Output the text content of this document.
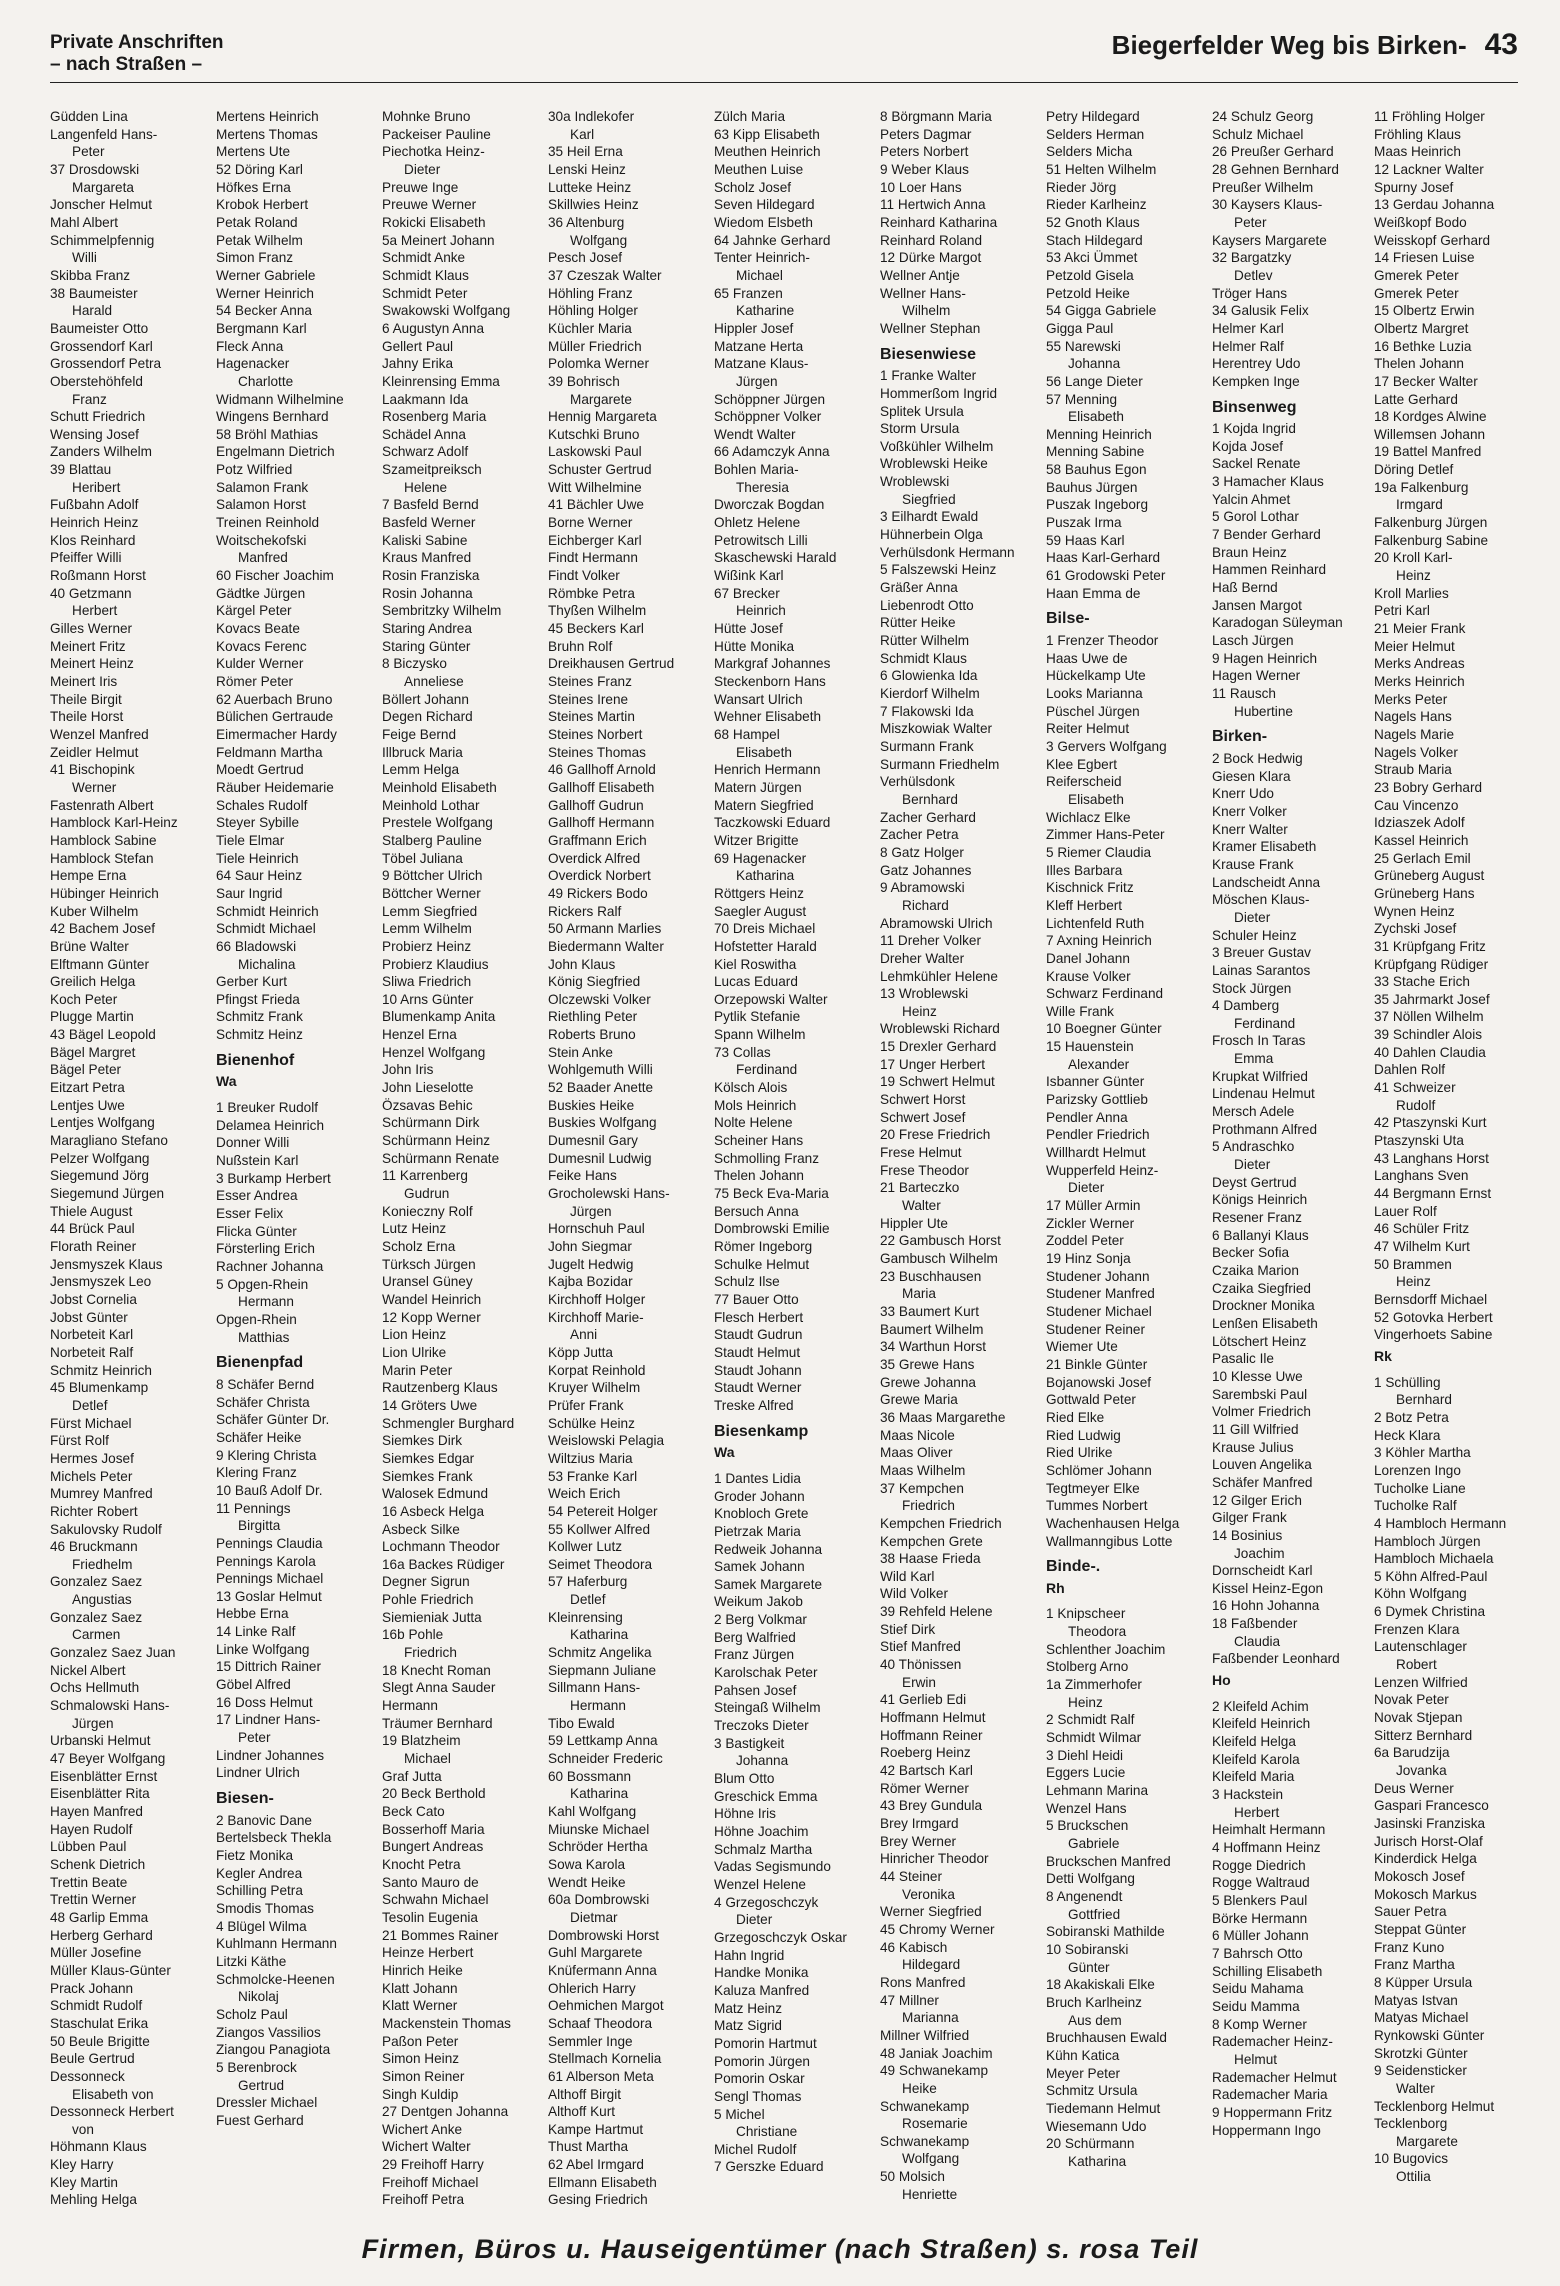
Private Anschriften
– nach Straßen –
Biegerfelder Weg bis Birken- 43
Güdden Lina
Langenfeld Hans-
Peter
37 Drosdowski
Margareta
Jonscher Helmut
Mahl Albert
Schimmelpfennig
Willi
Skibba Franz
38 Baumeister
Harald
Baumeister Otto
Grossendorf Karl
Grossendorf Petra
Oberstehöhfeld
Franz
Schutt Friedrich
Wensing Josef
Zanders Wilhelm
39 Blattau
Heribert
Fußbahn Adolf
Heinrich Heinz
Klos Reinhard
Pfeiffer Willi
Roßmann Horst
40 Getzmann
Herbert
Gilles Werner
Meinert Fritz
Meinert Heinz
Meinert Iris
Theile Birgit
Theile Horst
Wenzel Manfred
Zeidler Helmut
41 Bischopink
Werner
Fastenrath Albert
Hamblock Karl-Heinz
Hamblock Sabine
Hamblock Stefan
Hempe Erna
Hübinger Heinrich
Kuber Wilhelm
42 Bachem Josef
Brüne Walter
Elftmann Günter
Greilich Helga
Koch Peter
Plugge Martin
43 Bägel Leopold
Bägel Margret
Bägel Peter
Eitzart Petra
Lentjes Uwe
Lentjes Wolfgang
Maragliano Stefano
Pelzer Wolfgang
Siegemund Jörg
Siegemund Jürgen
Thiele August
44 Brück Paul
Florath Reiner
Jensmyszek Klaus
Jensmyszek Leo
Jobst Cornelia
Jobst Günter
Norbeteit Karl
Norbeteit Ralf
Schmitz Heinrich
45 Blumenkamp
Detlef
Fürst Michael
Fürst Rolf
Hermes Josef
Michels Peter
Mumrey Manfred
Richter Robert
Sakulovsky Rudolf
46 Bruckmann
Friedhelm
Gonzalez Saez
Angustias
Gonzalez Saez
Carmen
Gonzalez Saez Juan
Nickel Albert
Ochs Hellmuth
Schmalowski Hans-
Jürgen
Urbanski Helmut
47 Beyer Wolfgang
Eisenblätter Ernst
Eisenblätter Rita
Hayen Manfred
Hayen Rudolf
Lübben Paul
Schenk Dietrich
Trettin Beate
Trettin Werner
48 Garlip Emma
Herberg Gerhard
Müller Josefine
Müller Klaus-Günter
Prack Johann
Schmidt Rudolf
Staschulat Erika
50 Beule Brigitte
Beule Gertrud
Dessonneck
Elisabeth von
Dessonneck Herbert
von
Höhmann Klaus
Kley Harry
Kley Martin
Mehling Helga
Mertens Heinrich
Mertens Thomas
Mertens Ute
52 Döring Karl
Höfkes Erna
Krobok Herbert
Petak Roland
Petak Wilhelm
Simon Franz
Werner Gabriele
Werner Heinrich
54 Becker Anna
Bergmann Karl
Fleck Anna
Hagenacker
Charlotte
Widmann Wilhelmine
Wingens Bernhard
58 Bröhl Mathias
Engelmann Dietrich
Potz Wilfried
Salamon Frank
Salamon Horst
Treinen Reinhold
Woitschekofski
Manfred
60 Fischer Joachim
Gädtke Jürgen
Kärgel Peter
Kovacs Beate
Kovacs Ferenc
Kulder Werner
Römer Peter
62 Auerbach Bruno
Bülichen Gertraude
Eimermacher Hardy
Feldmann Martha
Moedt Gertrud
Räuber Heidemarie
Schales Rudolf
Steyer Sybille
Tiele Elmar
Tiele Heinrich
64 Saur Heinz
Saur Ingrid
Schmidt Heinrich
Schmidt Michael
66 Bladowski
Michalina
Gerber Kurt
Pfingst Frieda
Schmitz Frank
Schmitz Heinz
Bienenhof
Wa
1 Breuker Rudolf
Delamea Heinrich
Donner Willi
Nußstein Karl
3 Burkamp Herbert
Esser Andrea
Esser Felix
Flicka Günter
Försterling Erich
Rachner Johanna
5 Opgen-Rhein
Hermann
Opgen-Rhein
Matthias
Bienenpfad
8 Schäfer Bernd
Schäfer Christa
Schäfer Günter Dr.
Schäfer Heike
9 Klering Christa
Klering Franz
10 Bauß Adolf Dr.
11 Pennings
Birgitta
Pennings Claudia
Pennings Karola
Pennings Michael
13 Goslar Helmut
Hebbe Erna
14 Linke Ralf
Linke Wolfgang
15 Dittrich Rainer
Göbel Alfred
16 Doss Helmut
17 Lindner Hans-
Peter
Lindner Johannes
Lindner Ulrich
Biesen-
2 Banovic Dane
Bertelsbeck Thekla
Fietz Monika
Kegler Andrea
Schilling Petra
Smodis Thomas
4 Blügel Wilma
Kuhlmann Hermann
Litzki Käthe
Schmolcke-Heenen
Nikolaj
Scholz Paul
Ziangos Vassilios
Ziangou Panagiota
5 Berenbrock
Gertrud
Dressler Michael
Fuest Gerhard
Mohnke Bruno
Packeiser Pauline
Piechotka Heinz-
Dieter
Preuwe Inge
Preuwe Werner
Rokicki Elisabeth
5a Meinert Johann
Schmidt Anke
Schmidt Klaus
Schmidt Peter
Swakowski Wolfgang
6 Augustyn Anna
Gellert Paul
Jahny Erika
Kleinrensing Emma
Laakmann Ida
Rosenberg Maria
Schädel Anna
Schwarz Adolf
Szameitpreiksch
Helene
7 Basfeld Bernd
Basfeld Werner
Kaliski Sabine
Kraus Manfred
Rosin Franziska
Rosin Johanna
Sembritzky Wilhelm
Staring Andrea
Staring Günter
8 Biczysko
Anneliese
Böllert Johann
Degen Richard
Feige Bernd
Illbruck Maria
Lemm Helga
Meinhold Elisabeth
Meinhold Lothar
Prestele Wolfgang
Stalberg Pauline
Töbel Juliana
9 Böttcher Ulrich
Böttcher Werner
Lemm Siegfried
Lemm Wilhelm
Probierz Heinz
Probierz Klaudius
Sliwa Friedrich
10 Arns Günter
Blumenkamp Anita
Henzel Erna
Henzel Wolfgang
John Iris
John Lieselotte
Özsavas Behic
Schürmann Dirk
Schürmann Heinz
Schürmann Renate
11 Karrenberg
Gudrun
Konieczny Rolf
Lutz Heinz
Scholz Erna
Türksch Jürgen
Uransel Güney
Wandel Heinrich
12 Kopp Werner
Lion Heinz
Lion Ulrike
Marin Peter
Rautzenberg Klaus
14 Gröters Uwe
Schmengler Burghard
Siemkes Dirk
Siemkes Edgar
Siemkes Frank
Walosek Edmund
16 Asbeck Helga
Asbeck Silke
Lochmann Theodor
16a Backes Rüdiger
Degner Sigrun
Pohle Friedrich
Siemieniak Jutta
16b Pohle
Friedrich
18 Knecht Roman
Slegt Anna Sauder
Hermann
Träumer Bernhard
19 Blatzheim
Michael
Graf Jutta
20 Beck Berthold
Beck Cato
Bosserhoff Maria
Bungert Andreas
Knocht Petra
Santo Mauro de
Schwahn Michael
Tesolin Eugenia
21 Bommes Rainer
Heinze Herbert
Hinrich Heike
Klatt Johann
Klatt Werner
Mackenstein Thomas
Paßon Peter
Simon Heinz
Simon Reiner
Singh Kuldip
27 Dentgen Johanna
Wichert Anke
Wichert Walter
29 Freihoff Harry
Freihoff Michael
Freihoff Petra
30a Indlekofer
Karl
35 Heil Erna
Lenski Heinz
Lutteke Heinz
Skillwies Heinz
36 Altenburg
Wolfgang
Pesch Josef
37 Czeszak Walter
Höhling Franz
Höhling Holger
Küchler Maria
Müller Friedrich
Polomka Werner
39 Bohrisch
Margarete
Hennig Margareta
Kutschki Bruno
Laskowski Paul
Schuster Gertrud
Witt Wilhelmine
41 Bächler Uwe
Borne Werner
Eichberger Karl
Findt Hermann
Findt Volker
Römbke Petra
Thyßen Wilhelm
45 Beckers Karl
Bruhn Rolf
Dreikhausen Gertrud
Steines Franz
Steines Irene
Steines Martin
Steines Norbert
Steines Thomas
46 Gallhoff Arnold
Gallhoff Elisabeth
Gallhoff Gudrun
Gallhoff Hermann
Graffmann Erich
Overdick Alfred
Overdick Norbert
49 Rickers Bodo
Rickers Ralf
50 Armann Marlies
Biedermann Walter
John Klaus
König Siegfried
Olczewski Volker
Riethling Peter
Roberts Bruno
Stein Anke
Wohlgemuth Willi
52 Baader Anette
Buskies Heike
Buskies Wolfgang
Dumesnil Gary
Dumesnil Ludwig
Feike Hans
Grocholewski Hans-
Jürgen
Hornschuh Paul
John Siegmar
Jugelt Hedwig
Kajba Bozidar
Kirchhoff Holger
Kirchhoff Marie-
Anni
Köpp Jutta
Korpat Reinhold
Kruyer Wilhelm
Prüfer Frank
Schülke Heinz
Weislowski Pelagia
Wiltzius Maria
53 Franke Karl
Weich Erich
54 Petereit Holger
55 Kollwer Alfred
Kollwer Lutz
Seimet Theodora
57 Haferburg
Detlef
Kleinrensing
Katharina
Schmitz Angelika
Siepmann Juliane
Sillmann Hans-
Hermann
Tibo Ewald
59 Lettkamp Anna
Schneider Frederic
60 Bossmann
Katharina
Kahl Wolfgang
Miunske Michael
Schröder Hertha
Sowa Karola
Wendt Heike
60a Dombrowski
Dietmar
Dombrowski Horst
Guhl Margarete
Knüfermann Anna
Ohlerich Harry
Oehmichen Margot
Schaaf Theodora
Semmler Inge
Stellmach Kornelia
61 Alberson Meta
Althoff Birgit
Althoff Kurt
Kampe Hartmut
Thust Martha
62 Abel Irmgard
Ellmann Elisabeth
Gesing Friedrich
Zülch Maria
63 Kipp Elisabeth
Meuthen Heinrich
Meuthen Luise
Scholz Josef
Seven Hildegard
Wiedom Elsbeth
64 Jahnke Gerhard
Tenter Heinrich-
Michael
65 Franzen
Katharine
Hippler Josef
Matzane Herta
Matzane Klaus-
Jürgen
Schöppner Jürgen
Schöppner Volker
Wendt Walter
66 Adamczyk Anna
Bohlen Maria-
Theresia
Dworczak Bogdan
Ohletz Helene
Petrowitsch Lilli
Skaschewski Harald
Wißink Karl
67 Brecker
Heinrich
Hütte Josef
Hütte Monika
Markgraf Johannes
Steckenborn Hans
Wansart Ulrich
Wehner Elisabeth
68 Hampel
Elisabeth
Henrich Hermann
Matern Jürgen
Matern Siegfried
Taczkowski Eduard
Witzer Brigitte
69 Hagenacker
Katharina
Röttgers Heinz
Saegler August
70 Dreis Michael
Hofstetter Harald
Kiel Roswitha
Lucas Eduard
Orzepowski Walter
Pytlik Stefanie
Spann Wilhelm
73 Collas
Ferdinand
Kölsch Alois
Mols Heinrich
Nolte Helene
Scheiner Hans
Schmolling Franz
Thelen Johann
75 Beck Eva-Maria
Bersuch Anna
Dombrowski Emilie
Römer Ingeborg
Schulke Helmut
Schulz Ilse
77 Bauer Otto
Flesch Herbert
Staudt Gudrun
Staudt Helmut
Staudt Johann
Staudt Werner
Treske Alfred
Biesenkamp
Wa
1 Dantes Lidia
Groder Johann
Knobloch Grete
Pietrzak Maria
Redweik Johanna
Samek Johann
Samek Margarete
Weikum Jakob
2 Berg Volkmar
Berg Walfried
Franz Jürgen
Karolschak Peter
Pahsen Josef
Steingaß Wilhelm
Treczoks Dieter
3 Bastigkeit
Johanna
Blum Otto
Greschick Emma
Höhne Iris
Höhne Joachim
Schmalz Martha
Vadas Segismundo
Wenzel Helene
4 Grzegoschczyk
Dieter
Grzegoschczyk Oskar
Hahn Ingrid
Handke Monika
Kaluza Manfred
Matz Heinz
Matz Sigrid
Pomorin Hartmut
Pomorin Jürgen
Pomorin Oskar
Sengl Thomas
5 Michel
Christiane
Michel Rudolf
7 Gerszke Eduard
8 Börgmann Maria
Peters Dagmar
Peters Norbert
9 Weber Klaus
10 Loer Hans
11 Hertwich Anna
Reinhard Katharina
Reinhard Roland
12 Dürke Margot
Wellner Antje
Wellner Hans-
Wilhelm
Wellner Stephan
Biesenwiese
1 Franke Walter
Hommerßom Ingrid
Splitek Ursula
Storm Ursula
Voßkühler Wilhelm
Wroblewski Heike
Wroblewski
Siegfried
3 Eilhardt Ewald
Hühnerbein Olga
Verhülsdonk Hermann
5 Falszewski Heinz
Gräßer Anna
Liebenrodt Otto
Rütter Heike
Rütter Wilhelm
Schmidt Klaus
6 Glowienka Ida
Kierdorf Wilhelm
7 Flakowski Ida
Miszkowiak Walter
Surmann Frank
Surmann Friedhelm
Verhülsdonk
Bernhard
Zacher Gerhard
Zacher Petra
8 Gatz Holger
Gatz Johannes
9 Abramowski
Richard
Abramowski Ulrich
11 Dreher Volker
Dreher Walter
Lehmkühler Helene
13 Wroblewski
Heinz
Wroblewski Richard
15 Drexler Gerhard
17 Unger Herbert
19 Schwert Helmut
Schwert Horst
Schwert Josef
20 Frese Friedrich
Frese Helmut
Frese Theodor
21 Barteczko
Walter
Hippler Ute
22 Gambusch Horst
Gambusch Wilhelm
23 Buschhausen
Maria
33 Baumert Kurt
Baumert Wilhelm
34 Warthun Horst
35 Grewe Hans
Grewe Johanna
Grewe Maria
36 Maas Margarethe
Maas Nicole
Maas Oliver
Maas Wilhelm
37 Kempchen
Friedrich
Kempchen Friedrich
Kempchen Grete
38 Haase Frieda
Wild Karl
Wild Volker
39 Rehfeld Helene
Stief Dirk
Stief Manfred
40 Thönissen
Erwin
41 Gerlieb Edi
Hoffmann Helmut
Hoffmann Reiner
Roeberg Heinz
42 Bartsch Karl
Römer Werner
43 Brey Gundula
Brey Irmgard
Brey Werner
Hinricher Theodor
44 Steiner
Veronika
Werner Siegfried
45 Chromy Werner
46 Kabisch
Hildegard
Rons Manfred
47 Millner
Marianna
Millner Wilfried
48 Janiak Joachim
49 Schwanekamp
Heike
Schwanekamp
Rosemarie
Schwanekamp
Wolfgang
50 Molsich
Henriette
Petry Hildegard
Selders Herman
Selders Micha
51 Helten Wilhelm
Rieder Jörg
Rieder Karlheinz
52 Gnoth Klaus
Stach Hildegard
53 Akci Ümmet
Petzold Gisela
Petzold Heike
54 Gigga Gabriele
Gigga Paul
55 Narewski
Johanna
56 Lange Dieter
57 Menning
Elisabeth
Menning Heinrich
Menning Sabine
58 Bauhus Egon
Bauhus Jürgen
Puszak Ingeborg
Puszak Irma
59 Haas Karl
Haas Karl-Gerhard
61 Grodowski Peter
Haan Emma de
Bilse-
1 Frenzer Theodor
Haas Uwe de
Hückelkamp Ute
Looks Marianna
Püschel Jürgen
Reiter Helmut
3 Gervers Wolfgang
Klee Egbert
Reiferscheid
Elisabeth
Wichlacz Elke
Zimmer Hans-Peter
5 Riemer Claudia
Illes Barbara
Kischnick Fritz
Kleff Herbert
Lichtenfeld Ruth
7 Axning Heinrich
Danel Johann
Krause Volker
Schwarz Ferdinand
Wille Frank
10 Boegner Günter
15 Hauenstein
Alexander
Isbanner Günter
Parizsky Gottlieb
Pendler Anna
Pendler Friedrich
Willhardt Helmut
Wupperfeld Heinz-
Dieter
17 Müller Armin
Zickler Werner
Zoddel Peter
19 Hinz Sonja
Studener Johann
Studener Manfred
Studener Michael
Studener Reiner
Wiemer Ute
21 Binkle Günter
Bojanowski Josef
Gottwald Peter
Ried Elke
Ried Ludwig
Ried Ulrike
Schlömer Johann
Tegtmeyer Elke
Tummes Norbert
Wachenhausen Helga
Wallmanngibus Lotte
Binde-.
Rh
1 Knipscheer
Theodora
Schlenther Joachim
Stolberg Arno
1a Zimmerhofer
Heinz
2 Schmidt Ralf
Schmidt Wilmar
3 Diehl Heidi
Eggers Lucie
Lehmann Marina
Wenzel Hans
5 Bruckschen
Gabriele
Bruckschen Manfred
Detti Wolfgang
8 Angenendt
Gottfried
Sobiranski Mathilde
10 Sobiranski
Günter
18 Akakiskali Elke
Bruch Karlheinz
Aus dem
Bruchhausen Ewald
Kühn Katica
Meyer Peter
Schmitz Ursula
Tiedemann Helmut
Wiesemann Udo
20 Schürmann
Katharina
24 Schulz Georg
Schulz Michael
26 Preußer Gerhard
28 Gehnen Bernhard
Preußer Wilhelm
30 Kaysers Klaus-
Peter
Kaysers Margarete
32 Bargatzky
Detlev
Tröger Hans
34 Galusik Felix
Helmer Karl
Helmer Ralf
Herentrey Udo
Kempken Inge
Binsenweg
1 Kojda Ingrid
Kojda Josef
Sackel Renate
3 Hamacher Klaus
Yalcin Ahmet
5 Gorol Lothar
7 Bender Gerhard
Braun Heinz
Hammen Reinhard
Haß Bernd
Jansen Margot
Karadogan Süleyman
Lasch Jürgen
9 Hagen Heinrich
Hagen Werner
11 Rausch
Hubertine
Birken-
2 Bock Hedwig
Giesen Klara
Knerr Udo
Knerr Volker
Knerr Walter
Kramer Elisabeth
Krause Frank
Landscheidt Anna
Möschen Klaus-
Dieter
Schuler Heinz
3 Breuer Gustav
Lainas Sarantos
Stock Jürgen
4 Damberg
Ferdinand
Frosch In Taras
Emma
Krupkat Wilfried
Lindenau Helmut
Mersch Adele
Prothmann Alfred
5 Andraschko
Dieter
Deyst Gertrud
Königs Heinrich
Resener Franz
6 Ballanyi Klaus
Becker Sofia
Czaika Marion
Czaika Siegfried
Drockner Monika
Lenßen Elisabeth
Lötschert Heinz
Pasalic Ile
10 Klesse Uwe
Sarembski Paul
Volmer Friedrich
11 Gill Wilfried
Krause Julius
Louven Angelika
Schäfer Manfred
12 Gilger Erich
Gilger Frank
14 Bosinius
Joachim
Dornscheidt Karl
Kissel Heinz-Egon
16 Hohn Johanna
18 Faßbender
Claudia
Faßbender Leonhard
Ho
2 Kleifeld Achim
Kleifeld Heinrich
Kleifeld Helga
Kleifeld Karola
Kleifeld Maria
3 Hackstein
Herbert
Heimhalt Hermann
4 Hoffmann Heinz
Rogge Diedrich
Rogge Waltraud
5 Blenkers Paul
Börke Hermann
6 Müller Johann
7 Bahrsch Otto
Schilling Elisabeth
Seidu Mahama
Seidu Mamma
8 Komp Werner
Rademacher Heinz-
Helmut
Rademacher Helmut
Rademacher Maria
9 Hoppermann Fritz
Hoppermann Ingo
11 Fröhling Holger
Fröhling Klaus
Maas Heinrich
12 Lackner Walter
Spurny Josef
13 Gerdau Johanna
Weißkopf Bodo
Weisskopf Gerhard
14 Friesen Luise
Gmerek Peter
Gmerek Peter
15 Olbertz Erwin
Olbertz Margret
16 Bethke Luzia
Thelen Johann
17 Becker Walter
Latte Gerhard
18 Kordges Alwine
Willemsen Johann
19 Battel Manfred
Döring Detlef
19a Falkenburg
Irmgard
Falkenburg Jürgen
Falkenburg Sabine
20 Kroll Karl-
Heinz
Kroll Marlies
Petri Karl
21 Meier Frank
Meier Helmut
Merks Andreas
Merks Heinrich
Merks Peter
Nagels Hans
Nagels Marie
Nagels Volker
Straub Maria
23 Bobry Gerhard
Cau Vincenzo
Idziaszek Adolf
Kassel Heinrich
25 Gerlach Emil
Grüneberg August
Grüneberg Hans
Wynen Heinz
Zychski Josef
31 Krüpfgang Fritz
Krüpfgang Rüdiger
33 Stache Erich
35 Jahrmarkt Josef
37 Nöllen Wilhelm
39 Schindler Alois
40 Dahlen Claudia
Dahlen Rolf
41 Schweizer
Rudolf
42 Ptaszynski Kurt
Ptaszynski Uta
43 Langhans Horst
Langhans Sven
44 Bergmann Ernst
Lauer Rolf
46 Schüler Fritz
47 Wilhelm Kurt
50 Brammen
Heinz
Bernsdorff Michael
52 Gotovka Herbert
Vingerhoets Sabine
Rk
1 Schülling
Bernhard
2 Botz Petra
Heck Klara
3 Köhler Martha
Lorenzen Ingo
Tucholke Liane
Tucholke Ralf
4 Hambloch Hermann
Hambloch Jürgen
Hambloch Michaela
5 Köhn Alfred-Paul
Köhn Wolfgang
6 Dymek Christina
Frenzen Klara
Lautenschlager
Robert
Lenzen Wilfried
Novak Peter
Novak Stjepan
Sitterz Bernhard
6a Barudzija
Jovanka
Deus Werner
Gaspari Francesco
Jasinski Franziska
Jurisch Horst-Olaf
Kinderdick Helga
Mokosch Josef
Mokosch Markus
Sauer Petra
Steppat Günter
Franz Kuno
Franz Martha
8 Küpper Ursula
Matyas Istvan
Matyas Michael
Rynkowski Günter
Skrotzki Günter
9 Seidensticker
Walter
Tecklenborg Helmut
Tecklenborg
Margarete
10 Bugovics
Ottilia
Firmen, Büros u. Hauseigentümer (nach Straßen) s. rosa Teil
